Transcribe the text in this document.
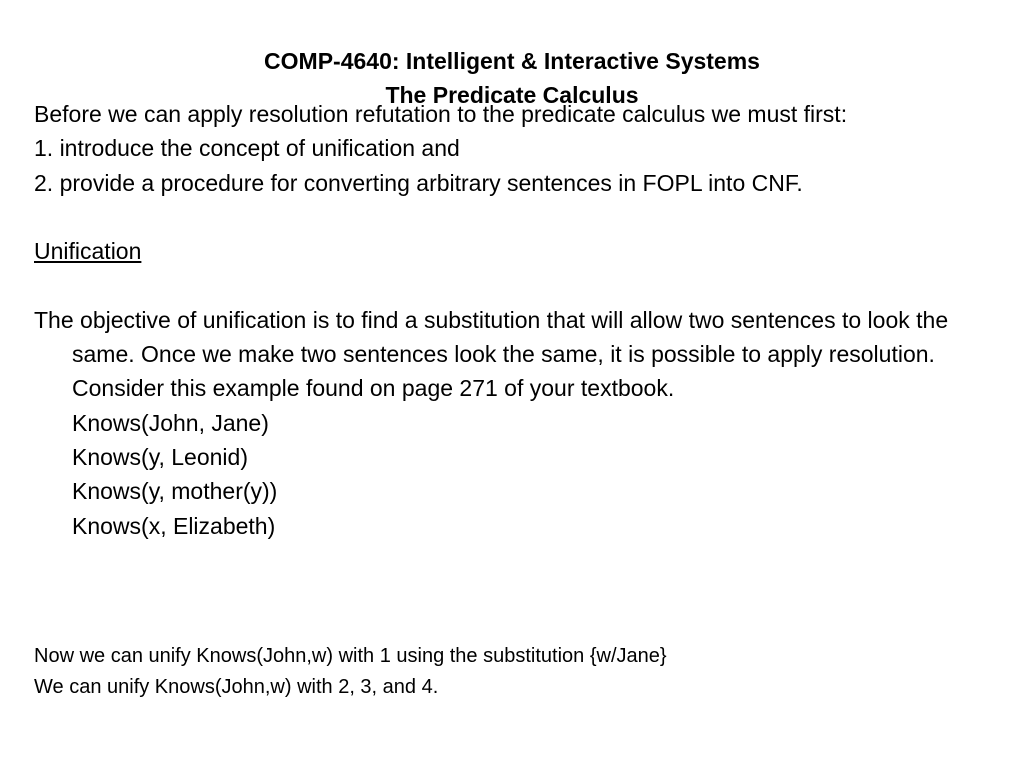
COMP-4640: Intelligent & Interactive Systems
The Predicate Calculus

Before we can apply resolution refutation to the predicate calculus we must first:

1. introduce the concept of unification and

2. provide a procedure for converting arbitrary sentences in FOPL into CNF.

Unification

The objective of unification is to find a substitution that will allow two sentences to look the same. Once we make two sentences look the same, it is possible to apply resolution. Consider this example found on page 271 of your textbook.

Knows(John, Jane)

Knows(y, Leonid)

Knows(y, mother(y))

Knows(x, Elizabeth)

Now we can unify Knows(John,w) with 1 using the substitution {w/Jane}

We can unify Knows(John,w) with 2, 3, and 4.
